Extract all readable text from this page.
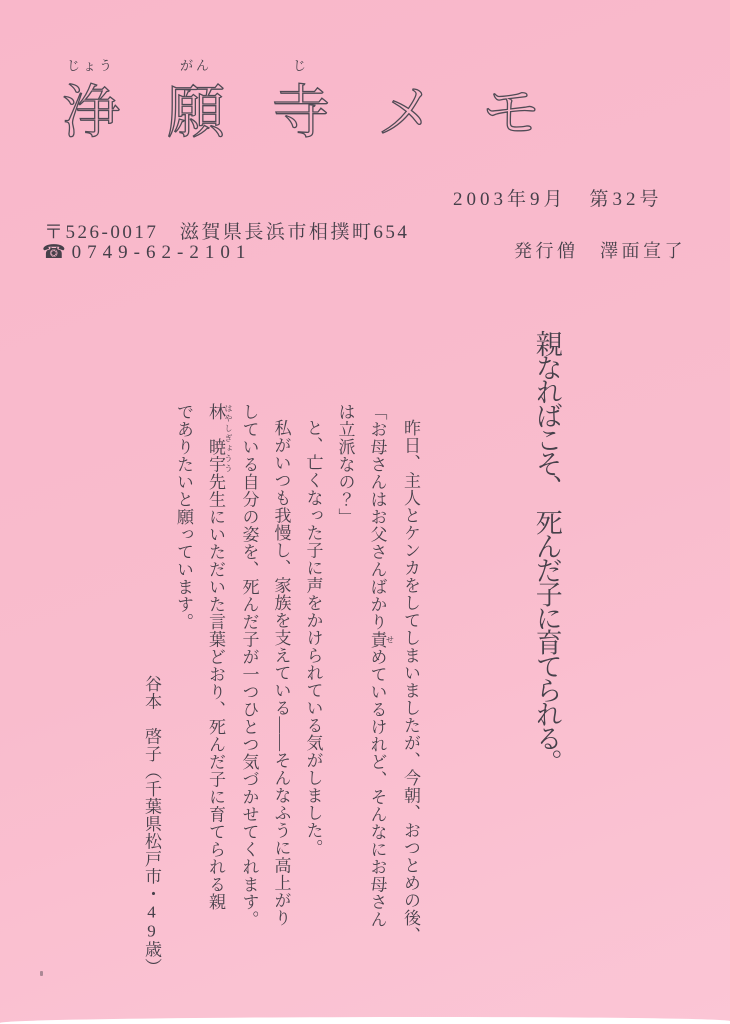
浄じょう
願がん
寺じ
メ モ
2003年9月　第32号
〒526-0017　滋賀県長浜市相撲町654
☎0749-62-2101	発行僧　澤面宣了
親なればこそ、　死んだ子に育てられる。
昨日、主人とケンカをしてしまいましたが、今朝、おつとめの後、
「お母さんはお父さんばかり責 せめているけれど、そんなにお母さん
は立派なの？」
と、亡くなった子に声をかけられている気がしました。
私がいつも我慢し、家族を支えている――そんなふうに高上がり
している自分の姿を、死んだ子が一つひとつ気づかせてくれます。
林　暁宇 はやしぎょうう先生にいただいた言葉どおり、死んだ子に育てられる親
でありたいと願っています。
谷本　啓子（千葉県松戸市・49歳）
